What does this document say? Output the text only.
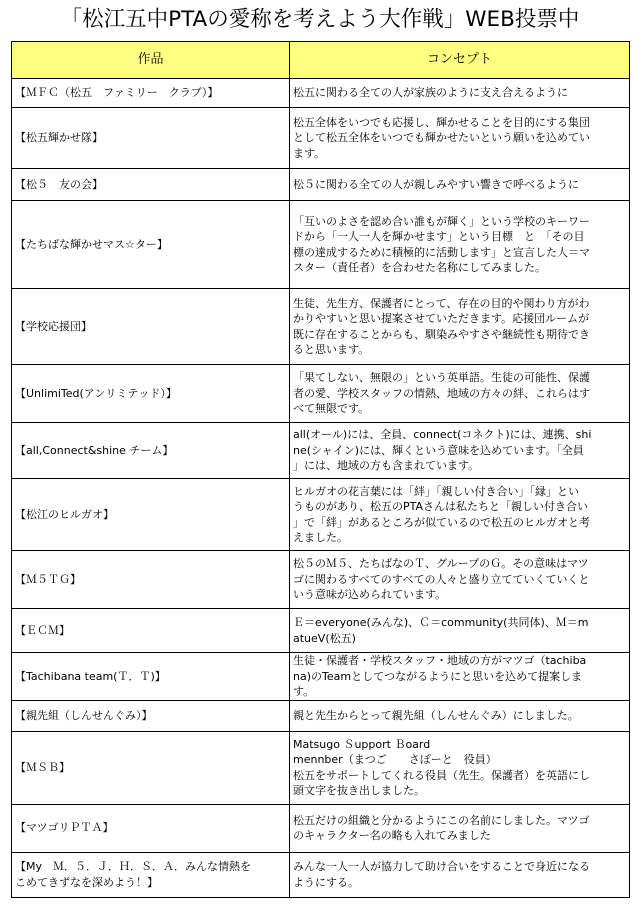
「松江五中PTAの愛称を考えよう大作戦」WEB投票中
作品	コンセプト
【ＭＦＣ（松五　ファミリー　クラブ）】	松五に関わる全ての人が家族のように支え合えるように
【松五輝かせ隊】	松五全体をいつでも応援し、輝かせることを目的にする集団
として松五全体をいつでも輝かせたいという願いを込めてい
ます。
【松５　友の会】	松５に関わる全ての人が親しみやすい響きで呼べるように
【たちばな輝かせマス☆ター】	「互いのよさを認め合い誰もが輝く」という学校のキーワー
ドから「一人一人を輝かせます」という目標　と　「その目
標の達成するために積極的に活動します」と宣言した人＝マ
スター（責任者）を合わせた名称にしてみました。
【学校応援団】	生徒、先生方、保護者にとって、存在の目的や関わり方がわ
かりやすいと思い提案させていただきます。応援団ルームが
既に存在することからも、馴染みやすさや継続性も期待でき
ると思います。
【UnlimiTed(アンリミテッド）】	「果てしない、無限の」という英単語。生徒の可能性、保護
者の愛、学校スタッフの情熱、地域の方々の絆、これらはす
べて無限です。
【all,Connect&shine チーム】	all(オール)には、全員、connect(コネクト)には、連携、shi
ne(シャイン)には、輝くという意味を込めています。「全員
」には、地域の方も含まれています。
【松江のヒルガオ】	ヒルガオの花言葉には「絆」「親しい付き合い」「縁」とい
うものがあり、松五のPTAさんは私たちと「親しい付き合い
」で「絆」があるところが似ているので松五のヒルガオと考
えました。
【Ｍ５ＴＧ】	松５のＭ５、たちばなのＴ、グループのＧ。その意味はマツ
ゴに関わるすべてのすべての人々と盛り立てていくていくと
いう意味が込められています。
【ＥＣＭ】	Ｅ＝everyone(みんな)、Ｃ＝community(共同体)、Ｍ＝m
atueV(松五)
【Tachibana team(Ｔ．Ｔ)】	生徒・保護者・学校スタッフ・地域の方がマツゴ（tachiba
na)のTeamとしてつながるようにと思いを込めて提案しま
す。
【親先組（しんせんぐみ）】	親と先生からとって親先組（しんせんぐみ）にしました。
【ＭＳＢ】	Matsugo Ｓupport Ｂoard
mennber（まつご　　さぽーと　役員）
松五をサポートしてくれる役員（先生。保護者）を英語にし
頭文字を抜き出しました。
【マツゴリＰＴＡ】	松五だけの組織と分かるようにこの名前にしました。マツゴ
のキャラクター名の略も入れてみました
【My　Ｍ．５．Ｊ．Ｈ．Ｓ．Ａ．みんな情熱を
こめてきずなを深めよう！】	みんな一人一人が協力して助け合いをすることで身近になる
ようにする。
